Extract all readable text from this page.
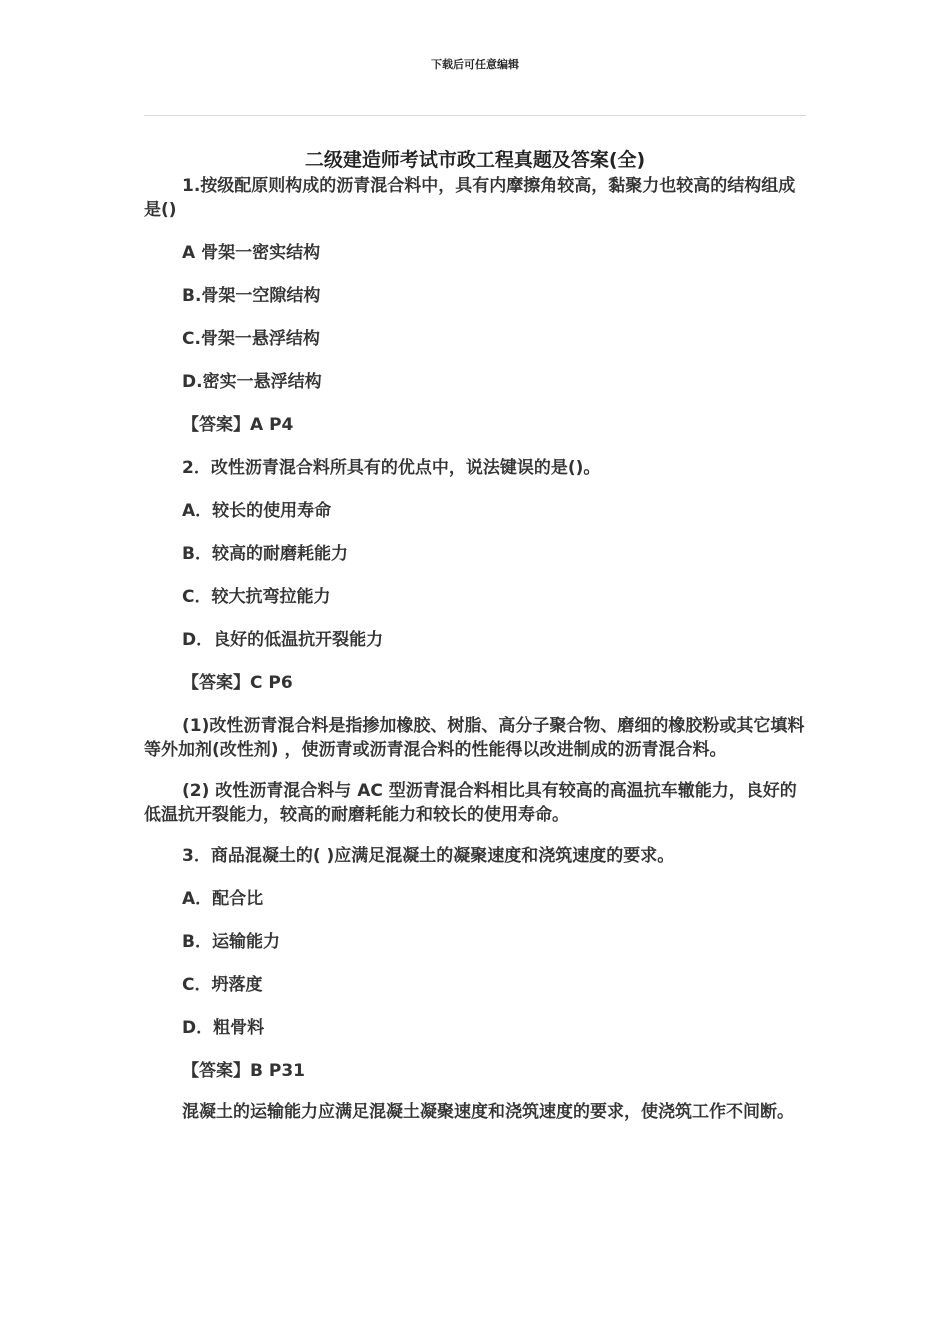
下载后可任意编辑
二级建造师考试市政工程真题及答案(全)

1.按级配原则构成的沥青混合料中，具有内摩擦角较高，黏聚力也较高的结构组成是()

A 骨架一密实结构

B.骨架一空隙结构

C.骨架一悬浮结构

D.密实一悬浮结构

【答案】A P4

2．改性沥青混合料所具有的优点中，说法键误的是()。

A．较长的使用寿命

B．较高的耐磨耗能力

C．较大抗弯拉能力

D．良好的低温抗开裂能力

【答案】C P6

(1)改性沥青混合料是指掺加橡胶、树脂、高分子聚合物、磨细的橡胶粉或其它填料等外加剂(改性剂) ，使沥青或沥青混合料的性能得以改进制成的沥青混合料。

(2) 改性沥青混合料与 AC 型沥青混合料相比具有较高的高温抗车辙能力，良好的低温抗开裂能力，较高的耐磨耗能力和较长的使用寿命。

3．商品混凝土的( )应满足混凝土的凝聚速度和浇筑速度的要求。

A．配合比

B．运输能力

C．坍落度

D．粗骨料

【答案】B P31

混凝土的运输能力应满足混凝土凝聚速度和浇筑速度的要求，使浇筑工作不间断。
